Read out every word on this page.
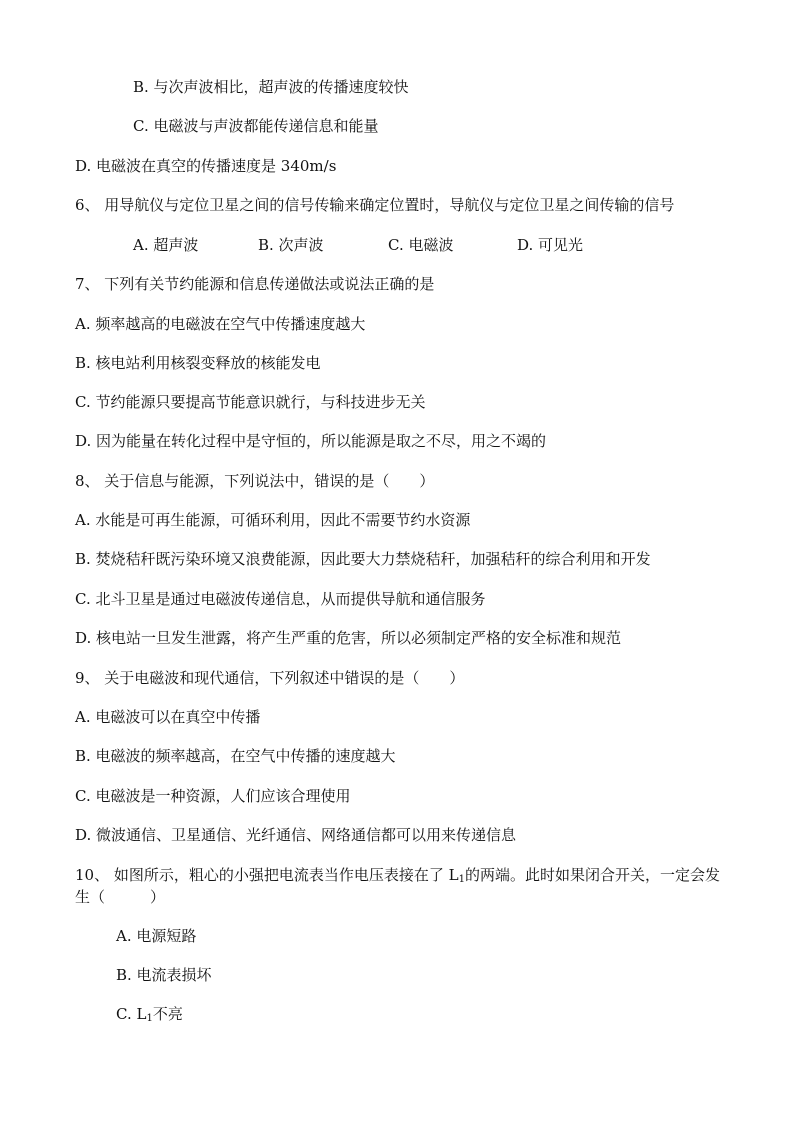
B. 与次声波相比，超声波的传播速度较快
C. 电磁波与声波都能传递信息和能量
D. 电磁波在真空的传播速度是 340m/s
6、 用导航仪与定位卫星之间的信号传输来确定位置时，导航仪与定位卫星之间传输的信号
A. 超声波	B. 次声波	C. 电磁波	D. 可见光
7、 下列有关节约能源和信息传递做法或说法正确的是
A. 频率越高的电磁波在空气中传播速度越大
B. 核电站利用核裂变释放的核能发电
C. 节约能源只要提高节能意识就行，与科技进步无关
D. 因为能量在转化过程中是守恒的，所以能源是取之不尽，用之不竭的
8、 关于信息与能源，下列说法中，错误的是（　　）
A. 水能是可再生能源，可循环利用，因此不需要节约水资源
B. 焚烧秸秆既污染环境又浪费能源，因此要大力禁烧秸秆，加强秸秆的综合利用和开发
C. 北斗卫星是通过电磁波传递信息，从而提供导航和通信服务
D. 核电站一旦发生泄露，将产生严重的危害，所以必须制定严格的安全标准和规范
9、 关于电磁波和现代通信，下列叙述中错误的是（　　）
A. 电磁波可以在真空中传播
B. 电磁波的频率越高，在空气中传播的速度越大
C. 电磁波是一种资源，人们应该合理使用
D. 微波通信、卫星通信、光纤通信、网络通信都可以用来传递信息
10、 如图所示，粗心的小强把电流表当作电压表接在了 $L_1$的两端。此时如果闭合开关，一定会发生（　　　）
A. 电源短路
B. 电流表损坏
C. $L_1$不亮
